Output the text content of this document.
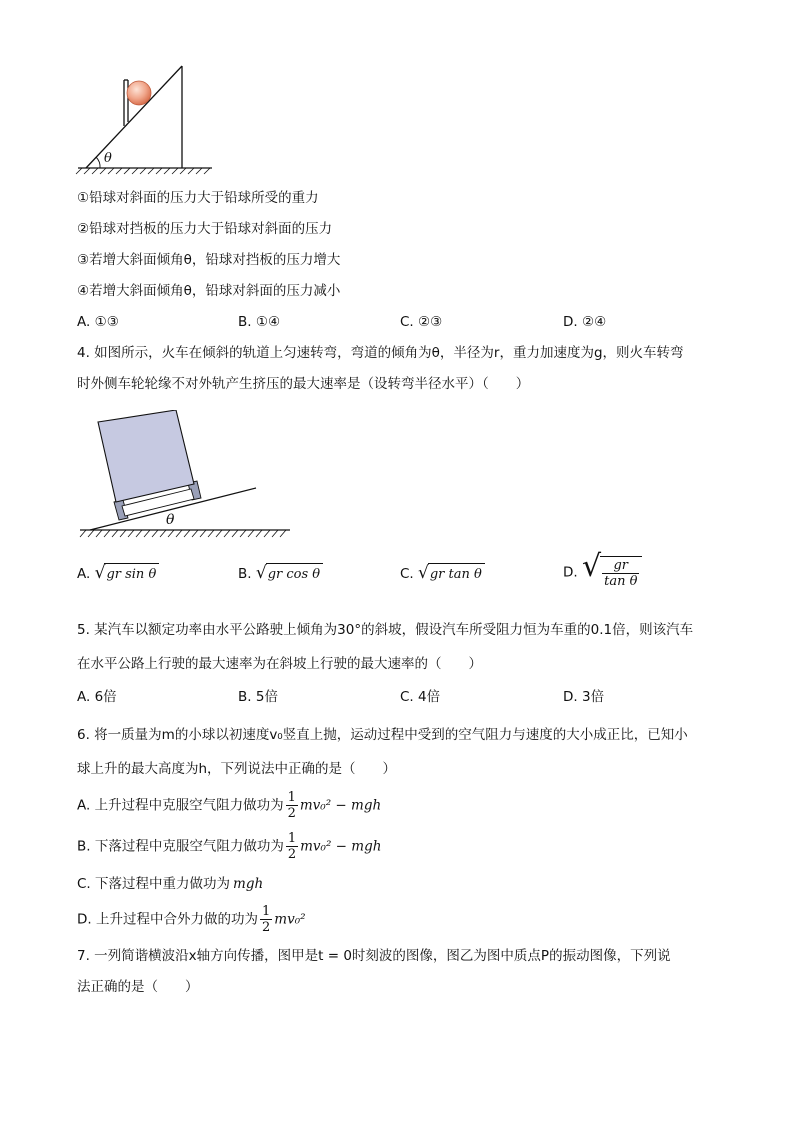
θ
①铅球对斜面的压力大于铅球所受的重力
②铅球对挡板的压力大于铅球对斜面的压力
③若增大斜面倾角θ，铅球对挡板的压力增大
④若增大斜面倾角θ，铅球对斜面的压力减小
A. ①③	B. ①④	C. ②③	D. ②④
4. 如图所示，火车在倾斜的轨道上匀速转弯，弯道的倾角为θ，半径为r，重力加速度为g，则火车转弯
时外侧车轮轮缘不对外轨产生挤压的最大速率是（设转弯半径水平）（　　）
θ
A. √gr sin θ	B. √gr cos θ	C. √gr tan θ	D. √ $\frac{gr}{\text{tan θ}}$
5. 某汽车以额定功率由水平公路驶上倾角为30°的斜坡，假设汽车所受阻力恒为车重的0.1倍，则该汽车
在水平公路上行驶的最大速率为在斜坡上行驶的最大速率的（　　）
A. 6倍	B. 5倍	C. 4倍	D. 3倍
6. 将一质量为m的小球以初速度v₀竖直上抛，运动过程中受到的空气阻力与速度的大小成正比，已知小
球上升的最大高度为h，下列说法中正确的是（　　）
A. 上升过程中克服空气阻力做功为 $\frac{1}{2} mv_0^2$ − mgh
B. 下落过程中克服空气阻力做功为 $\frac{1}{2} mv_0^2$ − mgh
C. 下落过程中重力做功为 mgh
D. 上升过程中合外力做的功为 $\frac{1}{2} mv_0^2$
7. 一列简谐横波沿x轴方向传播，图甲是t = 0时刻波的图像，图乙为图中质点P的振动图像，下列说
法正确的是（　　）
